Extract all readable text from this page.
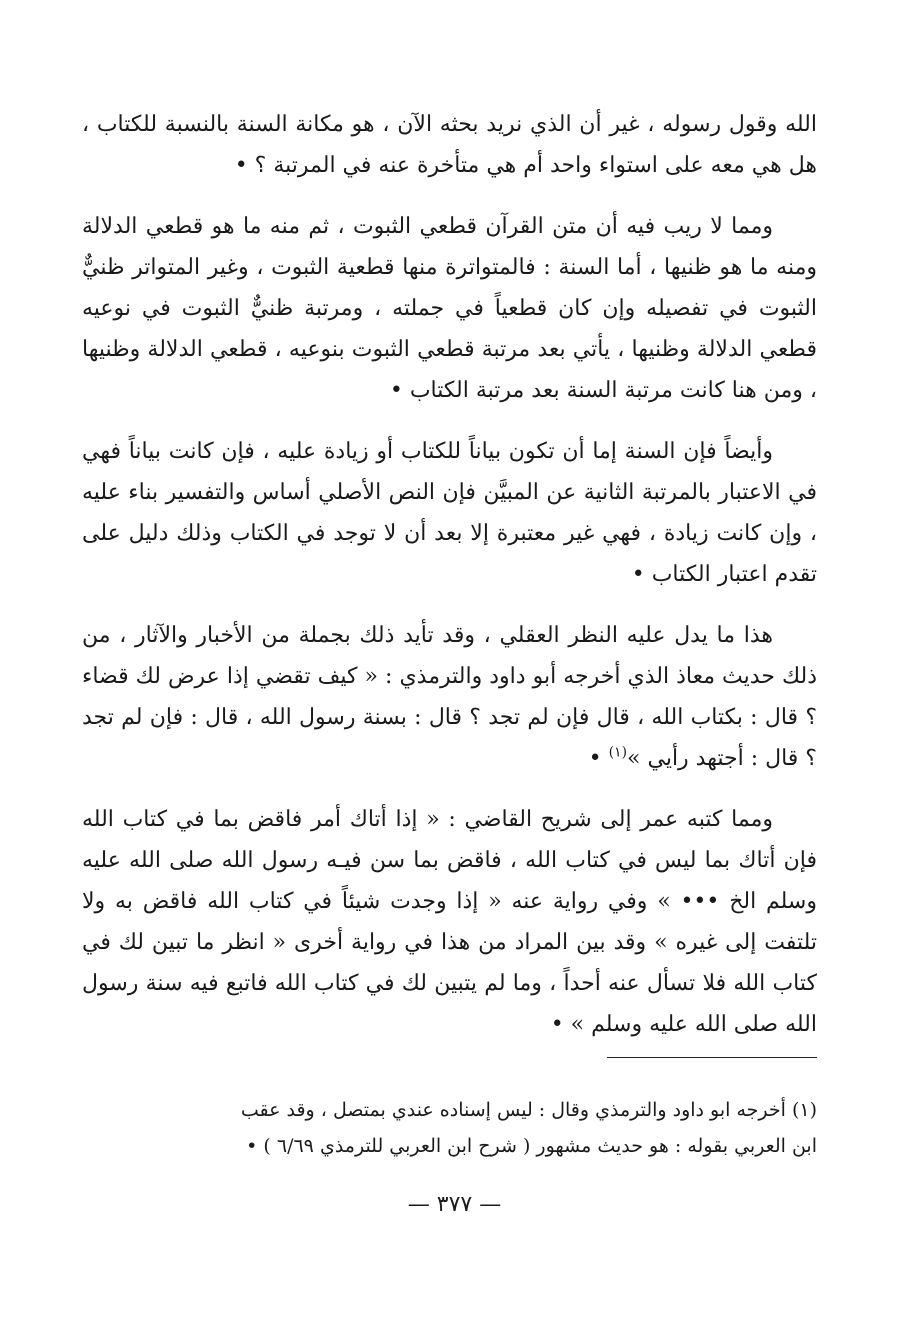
الله وقول رسوله ، غير أن الذي نريد بحثه الآن ، هو مكانة السنة بالنسبة للكتاب ، هل هي معه على استواء واحد أم هي متأخرة عنه في المرتبة ؟ •

ومما لا ريب فيه أن متن القرآن قطعي الثبوت ، ثم منه ما هو قطعي الدلالة ومنه ما هو ظنيها ، أما السنة : فالمتواترة منها قطعية الثبوت ، وغير المتواتر ظنيٌّ الثبوت في تفصيله وإن كان قطعياً في جملته ، ومرتبة ظنيٌّ الثبوت في نوعيه قطعي الدلالة وظنيها ، يأتي بعد مرتبة قطعي الثبوت بنوعيه ، قطعي الدلالة وظنيها ، ومن هنا كانت مرتبة السنة بعد مرتبة الكتاب •

وأيضاً فإن السنة إما أن تكون بياناً للكتاب أو زيادة عليه ، فإن كانت بياناً فهي في الاعتبار بالمرتبة الثانية عن المبيَّن فإن النص الأصلي أساس والتفسير بناء عليه ، وإن كانت زيادة ، فهي غير معتبرة إلا بعد أن لا توجد في الكتاب وذلك دليل على تقدم اعتبار الكتاب •

هذا ما يدل عليه النظر العقلي ، وقد تأيد ذلك بجملة من الأخبار والآثار ، من ذلك حديث معاذ الذي أخرجه أبو داود والترمذي : « كيف تقضي إذا عرض لك قضاء ؟ قال : بكتاب الله ، قال فإن لم تجد ؟ قال : بسنة رسول الله ، قال : فإن لم تجد ؟ قال : أجتهد رأيي »$^{(١)}$ •

ومما كتبه عمر إلى شريح القاضي : « إذا أتاك أمر فاقض بما في كتاب الله فإن أتاك بما ليس في كتاب الله ، فاقض بما سن فيـه رسول الله صلى الله عليه وسلم الخ ••• » وفي رواية عنه « إذا وجدت شيئاً في كتاب الله فاقض به ولا تلتفت إلى غيره » وقد بين المراد من هذا في رواية أخرى « انظر ما تبين لك في كتاب الله فلا تسأل عنه أحداً ، وما لم يتبين لك في كتاب الله فاتبع فيه سنة رسول الله صلى الله عليه وسلم » •

(١) أخرجه ابو داود والترمذي وقال : ليس إسناده عندي بمتصل ، وقد عقب

ابن العربي بقوله : هو حديث مشهور ( شرح ابن العربي للترمذي ٦/٦٩ ) •

— ٣٧٧ —
